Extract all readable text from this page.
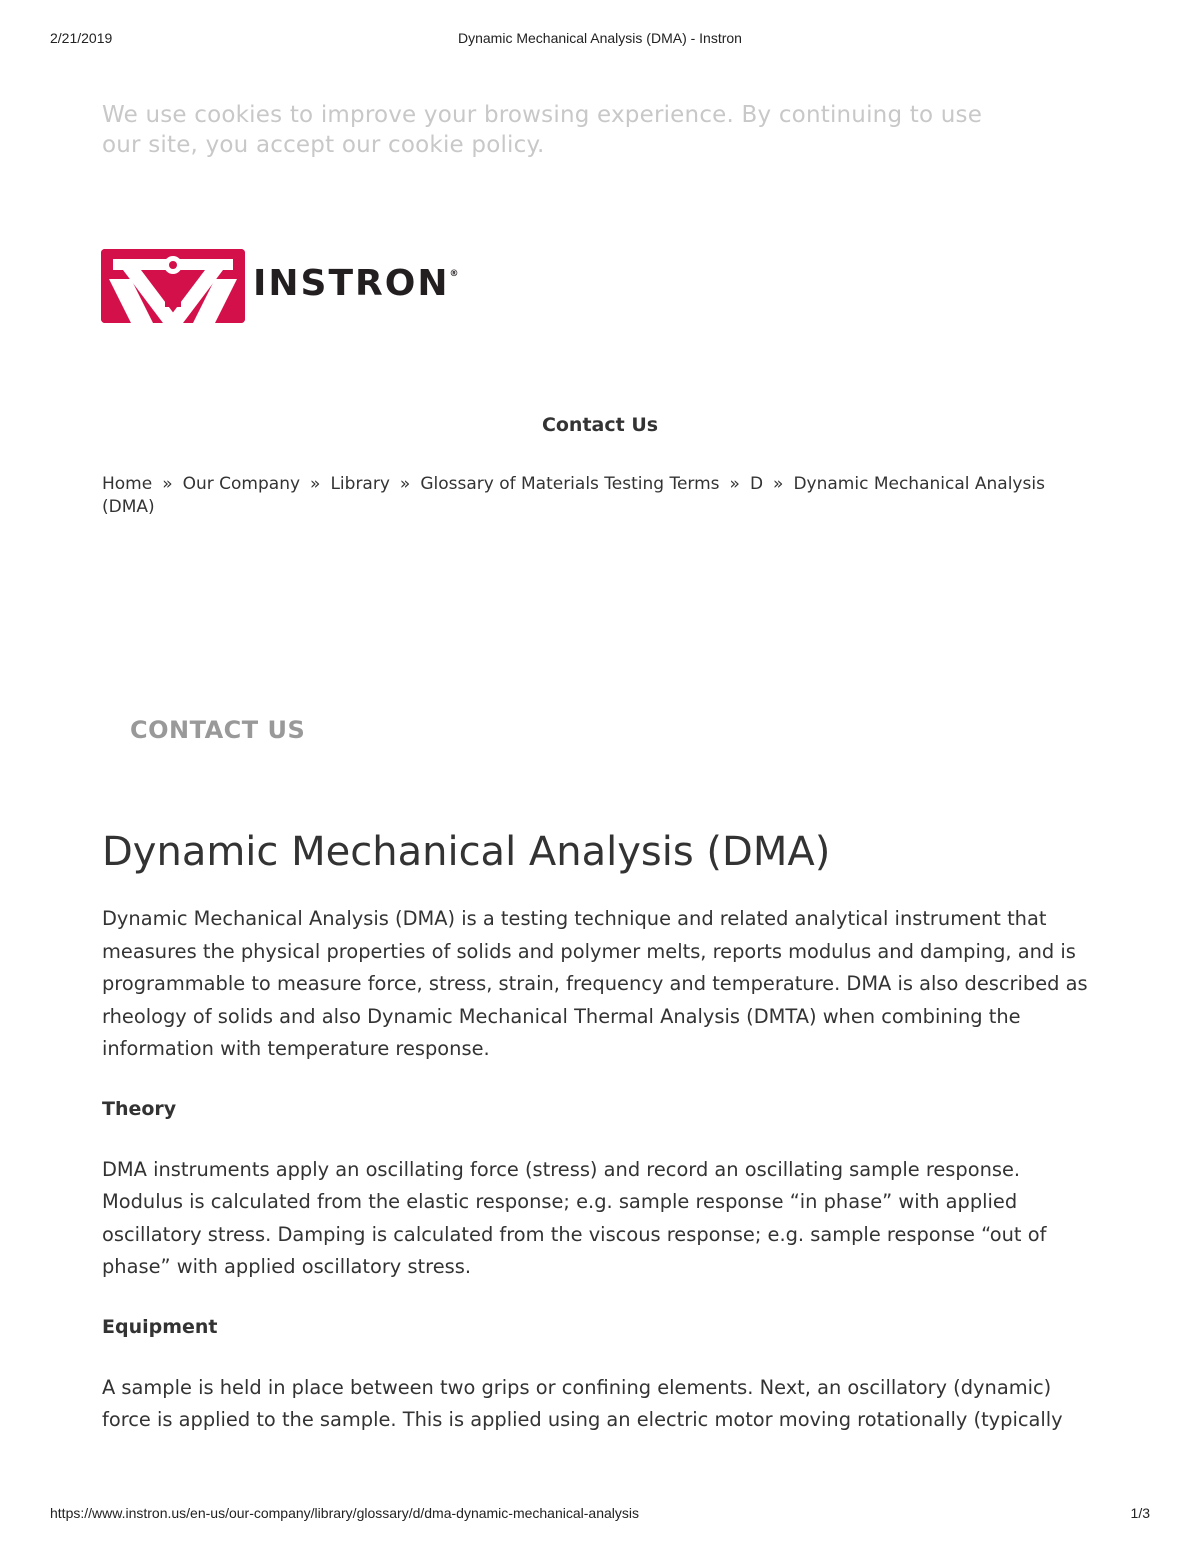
2/21/2019	Dynamic Mechanical Analysis (DMA) - Instron
We use cookies to improve your browsing experience. By continuing to use our site, you accept our cookie policy.
INSTRON®
Contact Us
Home » Our Company » Library » Glossary of Materials Testing Terms » D » Dynamic Mechanical Analysis (DMA)
CONTACT US
Dynamic Mechanical Analysis (DMA)

Dynamic Mechanical Analysis (DMA) is a testing technique and related analytical instrument that measures the physical properties of solids and polymer melts, reports modulus and damping, and is programmable to measure force, stress, strain, frequency and temperature. DMA is also described as rheology of solids and also Dynamic Mechanical Thermal Analysis (DMTA) when combining the information with temperature response.

Theory

DMA instruments apply an oscillating force (stress) and record an oscillating sample response. Modulus is calculated from the elastic response; e.g. sample response “in phase” with applied oscillatory stress. Damping is calculated from the viscous response; e.g. sample response “out of phase” with applied oscillatory stress.

Equipment

A sample is held in place between two grips or confining elements. Next, an oscillatory (dynamic) force is applied to the sample. This is applied using an electric motor moving rotationally (typically

https://www.instron.us/en-us/our-company/library/glossary/d/dma-dynamic-mechanical-analysis	1/3
